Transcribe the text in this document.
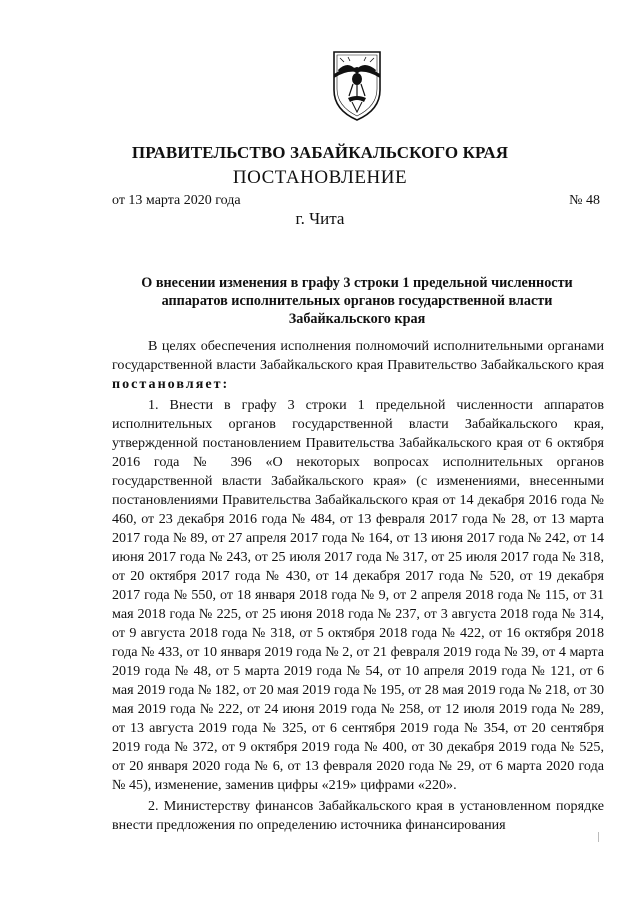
ПРАВИТЕЛЬСТВО ЗАБАЙКАЛЬСКОГО КРАЯ
ПОСТАНОВЛЕНИЕ
от 13 марта 2020 года	№ 48
г. Чита
О внесении изменения в графу 3 строки 1 предельной численности аппаратов исполнительных органов государственной власти Забайкальского края

В целях обеспечения исполнения полномочий исполнительными органами государственной власти Забайкальского края Правительство Забайкальского края постановляет:

1. Внести в графу 3 строки 1 предельной численности аппаратов исполнительных органов государственной власти Забайкальского края, утвержденной постановлением Правительства Забайкальского края от 6 октября 2016 года № 396 «О некоторых вопросах исполнительных органов государственной власти Забайкальского края» (с изменениями, внесенными постановлениями Правительства Забайкальского края от 14 декабря 2016 года № 460, от 23 декабря 2016 года № 484, от 13 февраля 2017 года № 28, от 13 марта 2017 года № 89, от 27 апреля 2017 года № 164, от 13 июня 2017 года № 242, от 14 июня 2017 года № 243, от 25 июля 2017 года № 317, от 25 июля 2017 года № 318, от 20 октября 2017 года № 430, от 14 декабря 2017 года № 520, от 19 декабря 2017 года № 550, от 18 января 2018 года № 9, от 2 апреля 2018 года № 115, от 31 мая 2018 года № 225, от 25 июня 2018 года № 237, от 3 августа 2018 года № 314, от 9 августа 2018 года № 318, от 5 октября 2018 года № 422, от 16 октября 2018 года № 433, от 10 января 2019 года № 2, от 21 февраля 2019 года № 39, от 4 марта 2019 года № 48, от 5 марта 2019 года № 54, от 10 апреля 2019 года № 121, от 6 мая 2019 года № 182, от 20 мая 2019 года № 195, от 28 мая 2019 года № 218, от 30 мая 2019 года № 222, от 24 июня 2019 года № 258, от 12 июля 2019 года № 289, от 13 августа 2019 года № 325, от 6 сентября 2019 года № 354, от 20 сентября 2019 года № 372, от 9 октября 2019 года № 400, от 30 декабря 2019 года № 525, от 20 января 2020 года № 6, от 13 февраля 2020 года № 29, от 6 марта 2020 года № 45), изменение, заменив цифры «219» цифрами «220».

2. Министерству финансов Забайкальского края в установленном порядке внести предложения по определению источника финансирования
